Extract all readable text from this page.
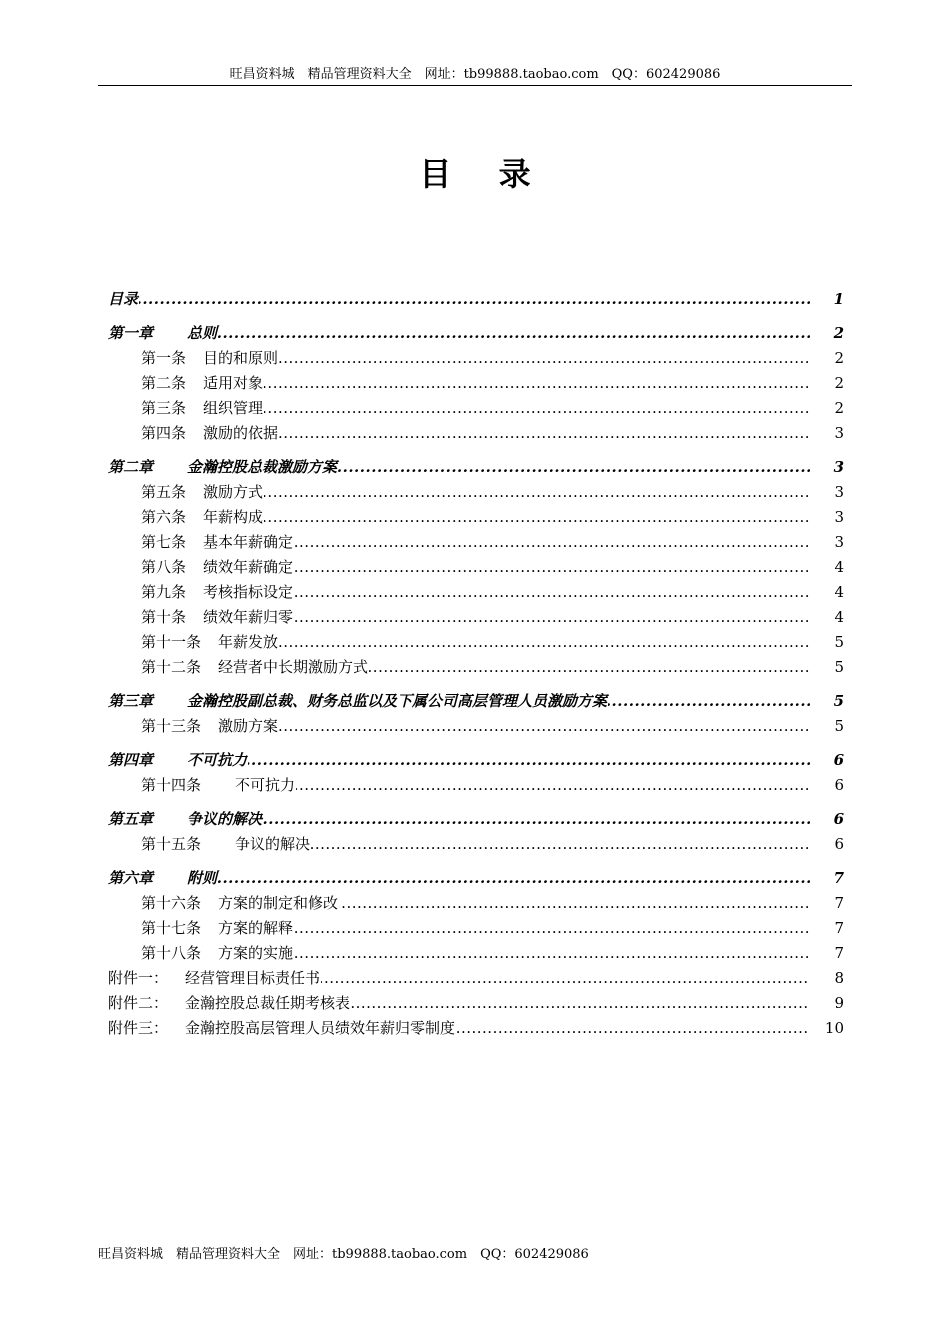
旺昌资料城　精品管理资料大全　网址：tb99888.taobao.com　QQ：602429086
目 录
.....
目录	1
.....
第一章 总则	2
.....
第一条 目的和原则	2
.....
第二条 适用对象	2
.....
第三条 组织管理	2
.....
第四条 激励的依据	3
.....
第二章 金瀚控股总裁激励方案	3
.....
第五条 激励方式	3
.....
第六条 年薪构成	3
.....
第七条 基本年薪确定	3
.....
第八条 绩效年薪确定	4
.....
第九条 考核指标设定	4
.....
第十条 绩效年薪归零	4
.....
第十一条 年薪发放	5
.....
第十二条 经营者中长期激励方式	5
.....
第三章 金瀚控股副总裁、财务总监以及下属公司高层管理人员激励方案	5
.....
第十三条 激励方案	5
.....
第四章 不可抗力	6
.....
第十四条 不可抗力	6
.....
第五章 争议的解决	6
.....
第十五条 争议的解决	6
.....
第六章 附则	7
.....
第十六条 方案的制定和修改	7
.....
第十七条 方案的解释	7
.....
第十八条 方案的实施	7
.....
附件一： 经营管理目标责任书	8
.....
附件二： 金瀚控股总裁任期考核表	9
.....
附件三： 金瀚控股高层管理人员绩效年薪归零制度	10
旺昌资料城　精品管理资料大全　网址：tb99888.taobao.com　QQ：602429086
